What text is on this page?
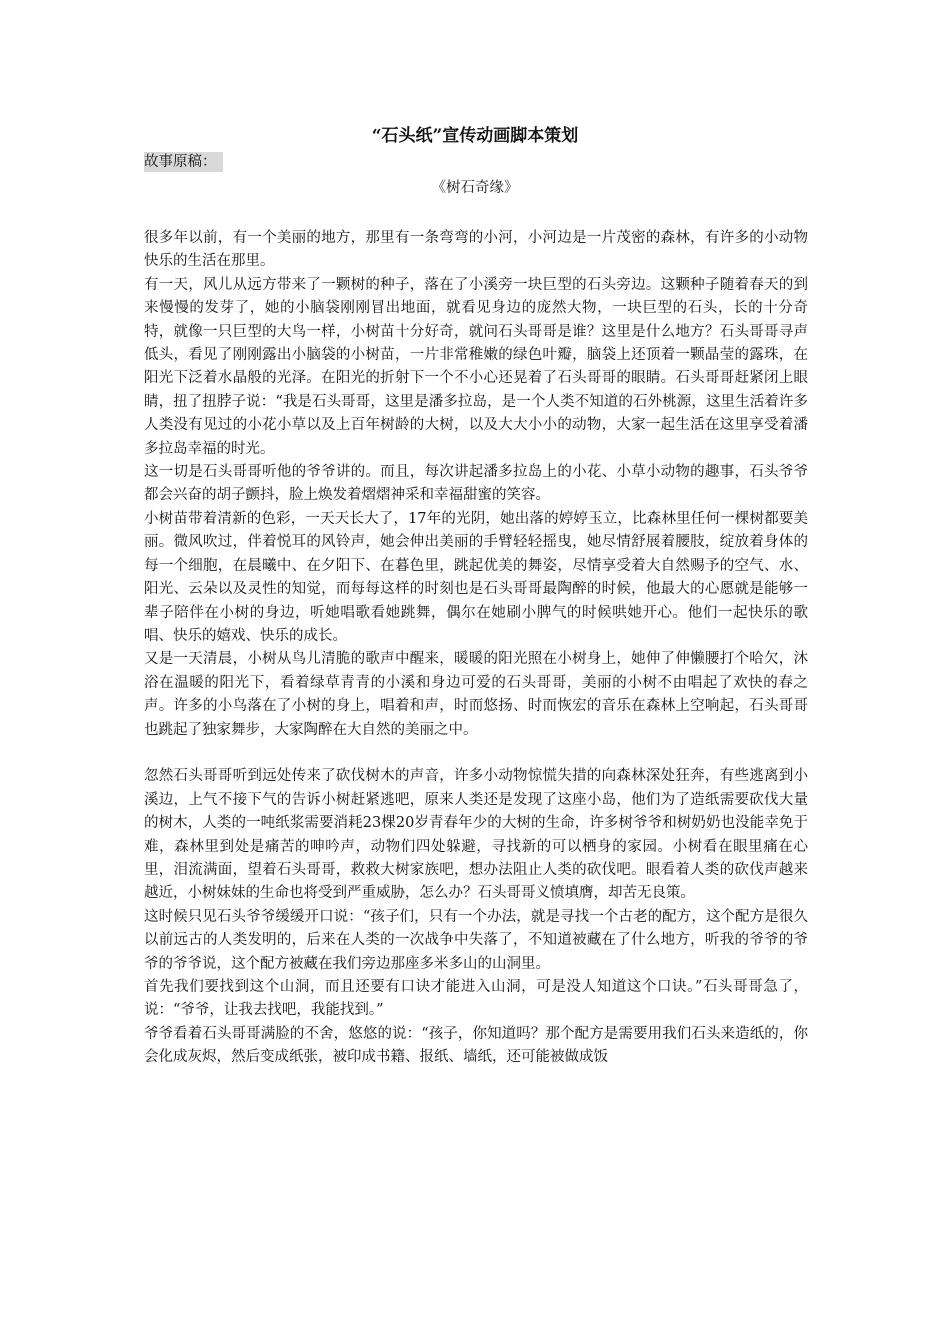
“石头纸”宣传动画脚本策划
故事原稿：
《树石奇缘》

很多年以前，有一个美丽的地方，那里有一条弯弯的小河，小河边是一片茂密的森林，有许多的小动物快乐的生活在那里。

有一天，风儿从远方带来了一颗树的种子，落在了小溪旁一块巨型的石头旁边。这颗种子随着春天的到来慢慢的发芽了，她的小脑袋刚刚冒出地面，就看见身边的庞然大物，一块巨型的石头，长的十分奇特，就像一只巨型的大鸟一样，小树苗十分好奇，就问石头哥哥是谁？这里是什么地方？石头哥哥寻声低头，看见了刚刚露出小脑袋的小树苗，一片非常稚嫩的绿色叶瓣，脑袋上还顶着一颗晶莹的露珠，在阳光下泛着水晶般的光泽。在阳光的折射下一个不小心还晃着了石头哥哥的眼睛。石头哥哥赶紧闭上眼睛，扭了扭脖子说：“我是石头哥哥，这里是潘多拉岛，是一个人类不知道的石外桃源，这里生活着许多人类没有见过的小花小草以及上百年树龄的大树，以及大大小小的动物，大家一起生活在这里享受着潘多拉岛幸福的时光。

这一切是石头哥哥听他的爷爷讲的。而且，每次讲起潘多拉岛上的小花、小草小动物的趣事，石头爷爷都会兴奋的胡子颤抖，脸上焕发着熠熠神采和幸福甜蜜的笑容。

小树苗带着清新的色彩，一天天长大了，17年的光阴，她出落的婷婷玉立，比森林里任何一棵树都要美丽。微风吹过，伴着悦耳的风铃声，她会伸出美丽的手臂轻轻摇曳，她尽情舒展着腰肢，绽放着身体的每一个细胞，在晨曦中、在夕阳下、在暮色里，跳起优美的舞姿，尽情享受着大自然赐予的空气、水、阳光、云朵以及灵性的知觉，而每每这样的时刻也是石头哥哥最陶醉的时候，他最大的心愿就是能够一辈子陪伴在小树的身边，听她唱歌看她跳舞，偶尔在她刷小脾气的时候哄她开心。他们一起快乐的歌唱、快乐的嬉戏、快乐的成长。

又是一天清晨，小树从鸟儿清脆的歌声中醒来，暖暖的阳光照在小树身上，她伸了伸懒腰打个哈欠，沐浴在温暖的阳光下，看着绿草青青的小溪和身边可爱的石头哥哥，美丽的小树不由唱起了欢快的春之声。许多的小鸟落在了小树的身上，唱着和声，时而悠扬、时而恢宏的音乐在森林上空响起，石头哥哥也跳起了独家舞步，大家陶醉在大自然的美丽之中。

忽然石头哥哥听到远处传来了砍伐树木的声音，许多小动物惊慌失措的向森林深处狂奔，有些逃离到小溪边，上气不接下气的告诉小树赶紧逃吧，原来人类还是发现了这座小岛，他们为了造纸需要砍伐大量的树木，人类的一吨纸浆需要消耗23棵20岁青春年少的大树的生命，许多树爷爷和树奶奶也没能幸免于难，森林里到处是痛苦的呻吟声，动物们四处躲避，寻找新的可以栖身的家园。小树看在眼里痛在心里，泪流满面，望着石头哥哥，救救大树家族吧，想办法阻止人类的砍伐吧。眼看着人类的砍伐声越来越近，小树妹妹的生命也将受到严重威胁，怎么办？石头哥哥义愤填膺，却苦无良策。

这时候只见石头爷爷缓缓开口说：“孩子们，只有一个办法，就是寻找一个古老的配方，这个配方是很久以前远古的人类发明的，后来在人类的一次战争中失落了，不知道被藏在了什么地方，听我的爷爷的爷爷的爷爷说，这个配方被藏在我们旁边那座多米多山的山洞里。

首先我们要找到这个山洞，而且还要有口诀才能进入山洞，可是没人知道这个口诀。”石头哥哥急了，说：“爷爷，让我去找吧，我能找到。”

爷爷看着石头哥哥满脸的不舍，悠悠的说：“孩子，你知道吗？那个配方是需要用我们石头来造纸的，你会化成灰烬，然后变成纸张，被印成书籍、报纸、墙纸，还可能被做成饭
